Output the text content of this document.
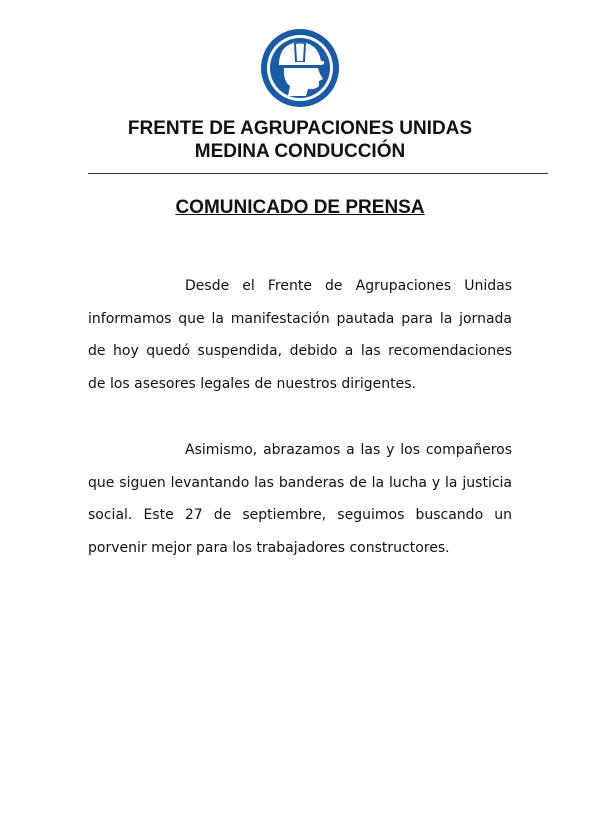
FRENTE DE AGRUPACIONES UNIDAS
MEDINA CONDUCCIÓN
COMUNICADO DE PRENSA

Desde el Frente de Agrupaciones Unidas informamos que la manifestación pautada para la jornada de hoy quedó suspendida, debido a las recomendaciones de los asesores legales de nuestros dirigentes.

Asimismo, abrazamos a las y los compañeros que siguen levantando las banderas de la lucha y la justicia social. Este 27 de septiembre, seguimos buscando un porvenir mejor para los trabajadores constructores.
